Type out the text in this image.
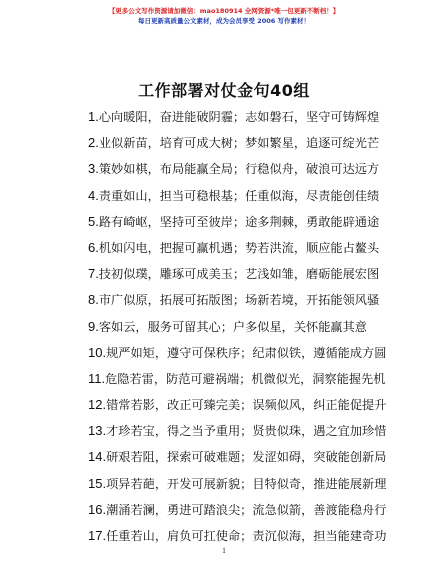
【更多公文写作资源请加微信：mao180914 全网资源*唯一包更新不断档！】
每日更新高质量公文素材，成为会员享受 2006 写作素材！
工作部署对仗金句40组
1.心向暖阳，奋进能破阴霾；志如磐石，坚守可铸辉煌
2.业似新苗，培育可成大树；梦如繁星，追逐可绽光芒
3.策妙如棋，布局能赢全局；行稳似舟，破浪可达远方
4.责重如山，担当可稳根基；任重似海，尽责能创佳绩
5.路有崎岖，坚持可至彼岸；途多荆棘，勇敢能辟通途
6.机如闪电，把握可赢机遇；势若洪流，顺应能占鳌头
7.技初似璞，雕琢可成美玉；艺浅如雏，磨砺能展宏图
8.市广似原，拓展可拓版图；场新若境，开拓能领风骚
9.客如云，服务可留其心；户多似星，关怀能赢其意
10.规严如矩，遵守可保秩序；纪肃似铁，遵循能成方圆
11.危隐若雷，防范可避祸端；机微似光，洞察能握先机
12.错常若影，改正可臻完美；误频似风，纠正能促提升
13.才珍若宝，得之当予重用；贤贵似珠，遇之宜加珍惜
14.研艰若阻，探索可破难题；发涩如碍，突破能创新局
15.项异若葩，开发可展新貌；目特似奇，推进能展新理
16.潮涌若澜，勇进可踏浪尖；流急似箭，善渡能稳舟行
17.任重若山，肩负可扛使命；责沉似海，担当能建奇功
1
